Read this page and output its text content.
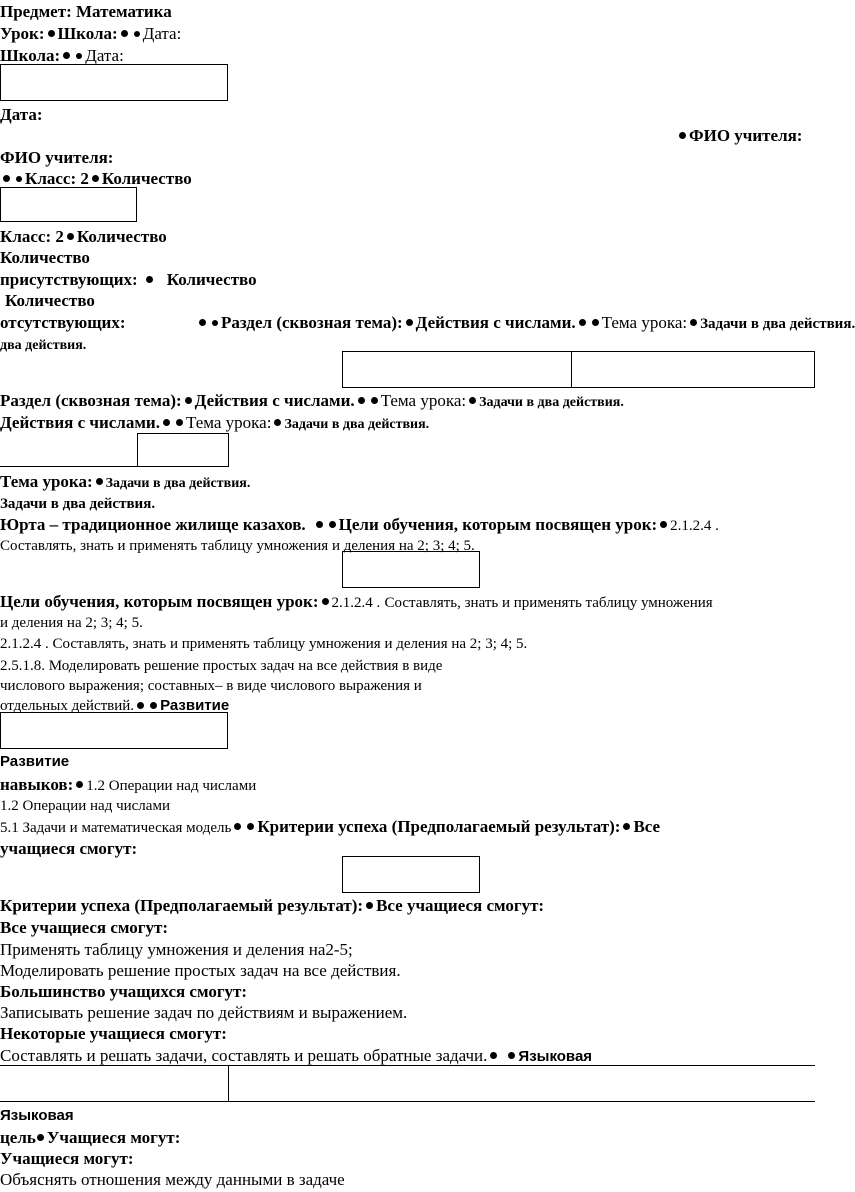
Предмет: Математика
Урок: Школа: Дата:
Школа: Дата:
Дата:
ФИО учителя:
ФИО учителя:
Класс: 2 Количество
Класс: 2 Количество
Количество
присутствующих: Количество
Количество
отсутствующих:	Раздел (сквозная тема): Действия с числами. Тема урока: Задачи в два действия.
два действия.
Раздел (сквозная тема): Действия с числами. Тема урока: Задачи в два действия.
Действия с числами. Тема урока: Задачи в два действия.
Тема урока: Задачи в два действия.
Задачи в два действия.
Юрта – традиционное жилище казахов. Цели обучения, которым посвящен урок: 2.1.2.4 .
Составлять, знать и применять таблицу умножения и деления на 2; 3; 4; 5.
Цели обучения, которым посвящен урок: 2.1.2.4 . Составлять, знать и применять таблицу умножения
и деления на 2; 3; 4; 5.
2.1.2.4 . Составлять, знать и применять таблицу умножения и деления на 2; 3; 4; 5.
2.5.1.8. Моделировать решение простых задач на все действия в виде
числового выражения; составных– в виде числового выражения и
отдельных действий. Развитие
Развитие
навыков: 1.2 Операции над числами
1.2 Операции над числами
5.1 Задачи и математическая модель Критерии успеха (Предполагаемый результат): Все
учащиеся смогут:
Критерии успеха (Предполагаемый результат): Все учащиеся смогут:
Все учащиеся смогут:
Применять таблицу умножения и деления на2-5;
Моделировать решение простых задач на все действия.
Большинство учащихся смогут:
Записывать решение задач по действиям и выражением.
Некоторые учащиеся смогут:
Составлять и решать задачи, составлять и решать обратные задачи. Языковая
Языковая
цель Учащиеся могут:
Учащиеся могут:
Объяснять отношения между данными в задаче
